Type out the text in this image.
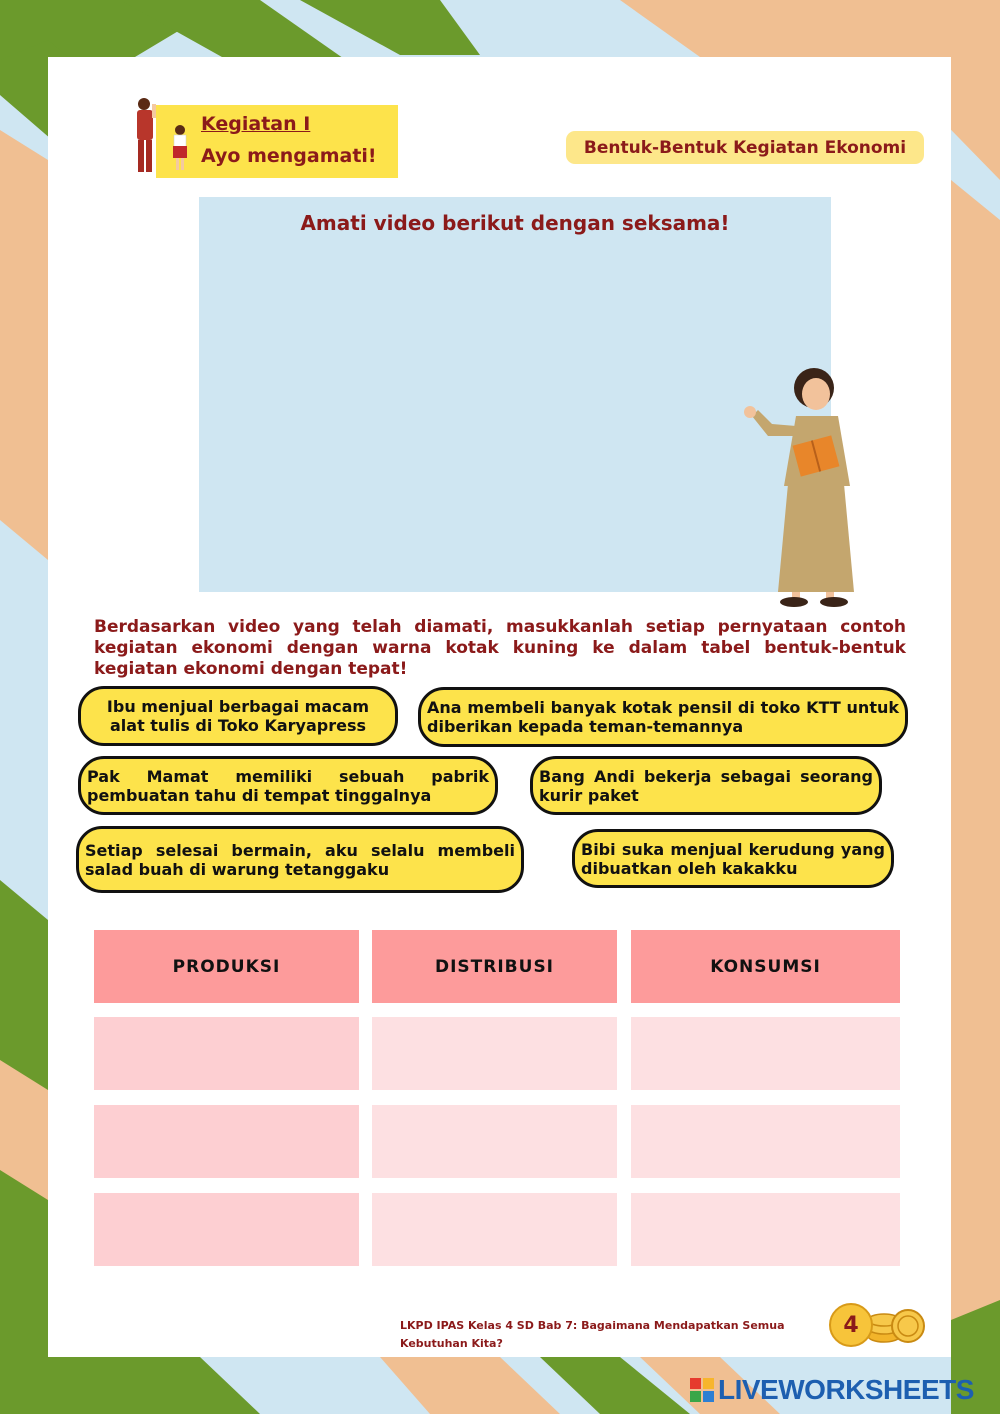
Kegiatan I
Ayo mengamati!	Bentuk-Bentuk Kegiatan Ekonomi
Amati video berikut dengan seksama!
Berdasarkan video yang telah diamati, masukkanlah setiap pernyataan contoh kegiatan ekonomi dengan warna kotak kuning ke dalam tabel bentuk-bentuk kegiatan ekonomi dengan tepat!
Ibu menjual berbagai macam alat tulis di Toko Karyapress
Ana membeli banyak kotak pensil di toko KTT untuk diberikan kepada teman-temannya
Pak Mamat memiliki sebuah pabrik pembuatan tahu di tempat tinggalnya
Bang Andi bekerja sebagai seorang kurir paket
Setiap selesai bermain, aku selalu membeli salad buah di warung tetanggaku
Bibi suka menjual kerudung yang dibuatkan oleh kakakku
PRODUKSI	DISTRIBUSI	KONSUMSI
LKPD IPAS Kelas 4 SD Bab 7: Bagaimana Mendapatkan Semua Kebutuhan Kita?
4
LIVEWORKSHEETS
